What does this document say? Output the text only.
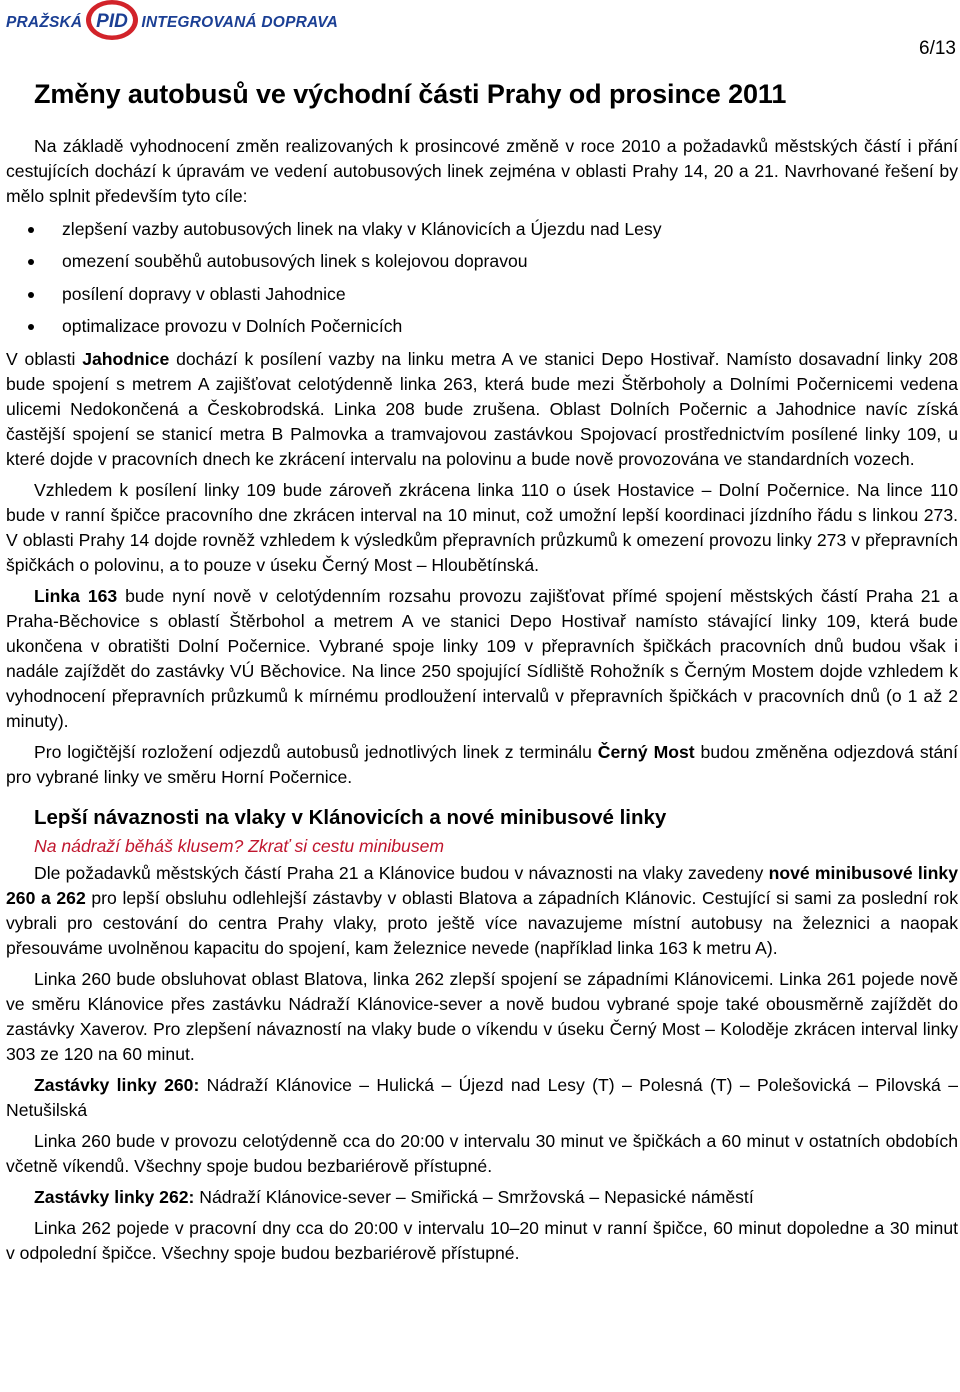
PRAŽSKÁ PID INTEGROVANÁ DOPRAVA
6/13
Změny autobusů ve východní části Prahy od prosince 2011

Na základě vyhodnocení změn realizovaných k prosincové změně v roce 2010 a požadavků městských částí i přání cestujících dochází k úpravám ve vedení autobusových linek zejména v oblasti Prahy 14, 20 a 21. Navrhované řešení by mělo splnit především tyto cíle:

zlepšení vazby autobusových linek na vlaky v Klánovicích a Újezdu nad Lesy
omezení souběhů autobusových linek s kolejovou dopravou
posílení dopravy v oblasti Jahodnice
optimalizace provozu v Dolních Počernicích

V oblasti Jahodnice dochází k posílení vazby na linku metra A ve stanici Depo Hostivař. Namísto dosavadní linky 208 bude spojení s metrem A zajišťovat celotýdenně linka 263, která bude mezi Štěrboholy a Dolními Počernicemi vedena ulicemi Nedokončená a Českobrodská. Linka 208 bude zrušena. Oblast Dolních Počernic a Jahodnice navíc získá častější spojení se stanicí metra B Palmovka a tramvajovou zastávkou Spojovací prostřednictvím posílené linky 109, u které dojde v pracovních dnech ke zkrácení intervalu na polovinu a bude nově provozována ve standardních vozech.

Vzhledem k posílení linky 109 bude zároveň zkrácena linka 110 o úsek Hostavice – Dolní Počernice. Na lince 110 bude v ranní špičce pracovního dne zkrácen interval na 10 minut, což umožní lepší koordinaci jízdního řádu s linkou 273. V oblasti Prahy 14 dojde rovněž vzhledem k výsledkům přepravních průzkumů k omezení provozu linky 273 v přepravních špičkách o polovinu, a to pouze v úseku Černý Most – Hloubětínská.

Linka 163 bude nyní nově v celotýdenním rozsahu provozu zajišťovat přímé spojení městských částí Praha 21 a Praha-Běchovice s oblastí Štěrbohol a metrem A ve stanici Depo Hostivař namísto stávající linky 109, která bude ukončena v obratišti Dolní Počernice. Vybrané spoje linky 109 v přepravních špičkách pracovních dnů budou však i nadále zajíždět do zastávky VÚ Běchovice. Na lince 250 spojující Sídliště Rohožník s Černým Mostem dojde vzhledem k vyhodnocení přepravních průzkumů k mírnému prodloužení intervalů v přepravních špičkách v pracovních dnů (o 1 až 2 minuty).

Pro logičtější rozložení odjezdů autobusů jednotlivých linek z terminálu Černý Most budou změněna odjezdová stání pro vybrané linky ve směru Horní Počernice.

Lepší návaznosti na vlaky v Klánovicích a nové minibusové linky
Na nádraží běháš klusem? Zkrať si cestu minibusem

Dle požadavků městských částí Praha 21 a Klánovice budou v návaznosti na vlaky zavedeny nové minibusové linky 260 a 262 pro lepší obsluhu odlehlejší zástavby v oblasti Blatova a západních Klánovic. Cestující si sami za poslední rok vybrali pro cestování do centra Prahy vlaky, proto ještě více navazujeme místní autobusy na železnici a naopak přesouváme uvolněnou kapacitu do spojení, kam železnice nevede (například linka 163 k metru A).

Linka 260 bude obsluhovat oblast Blatova, linka 262 zlepší spojení se západními Klánovicemi. Linka 261 pojede nově ve směru Klánovice přes zastávku Nádraží Klánovice-sever a nově budou vybrané spoje také obousměrně zajíždět do zastávky Xaverov. Pro zlepšení návazností na vlaky bude o víkendu v úseku Černý Most – Koloděje zkrácen interval linky 303 ze 120 na 60 minut.

Zastávky linky 260: Nádraží Klánovice – Hulická – Újezd nad Lesy (T) – Polesná (T) – Polešovická – Pilovská – Netušilská

Linka 260 bude v provozu celotýdenně cca do 20:00 v intervalu 30 minut ve špičkách a 60 minut v ostatních obdobích včetně víkendů. Všechny spoje budou bezbariérově přístupné.

Zastávky linky 262: Nádraží Klánovice-sever – Smiřická – Smržovská – Nepasické náměstí

Linka 262 pojede v pracovní dny cca do 20:00 v intervalu 10–20 minut v ranní špičce, 60 minut dopoledne a 30 minut v odpolední špičce. Všechny spoje budou bezbariérově přístupné.
